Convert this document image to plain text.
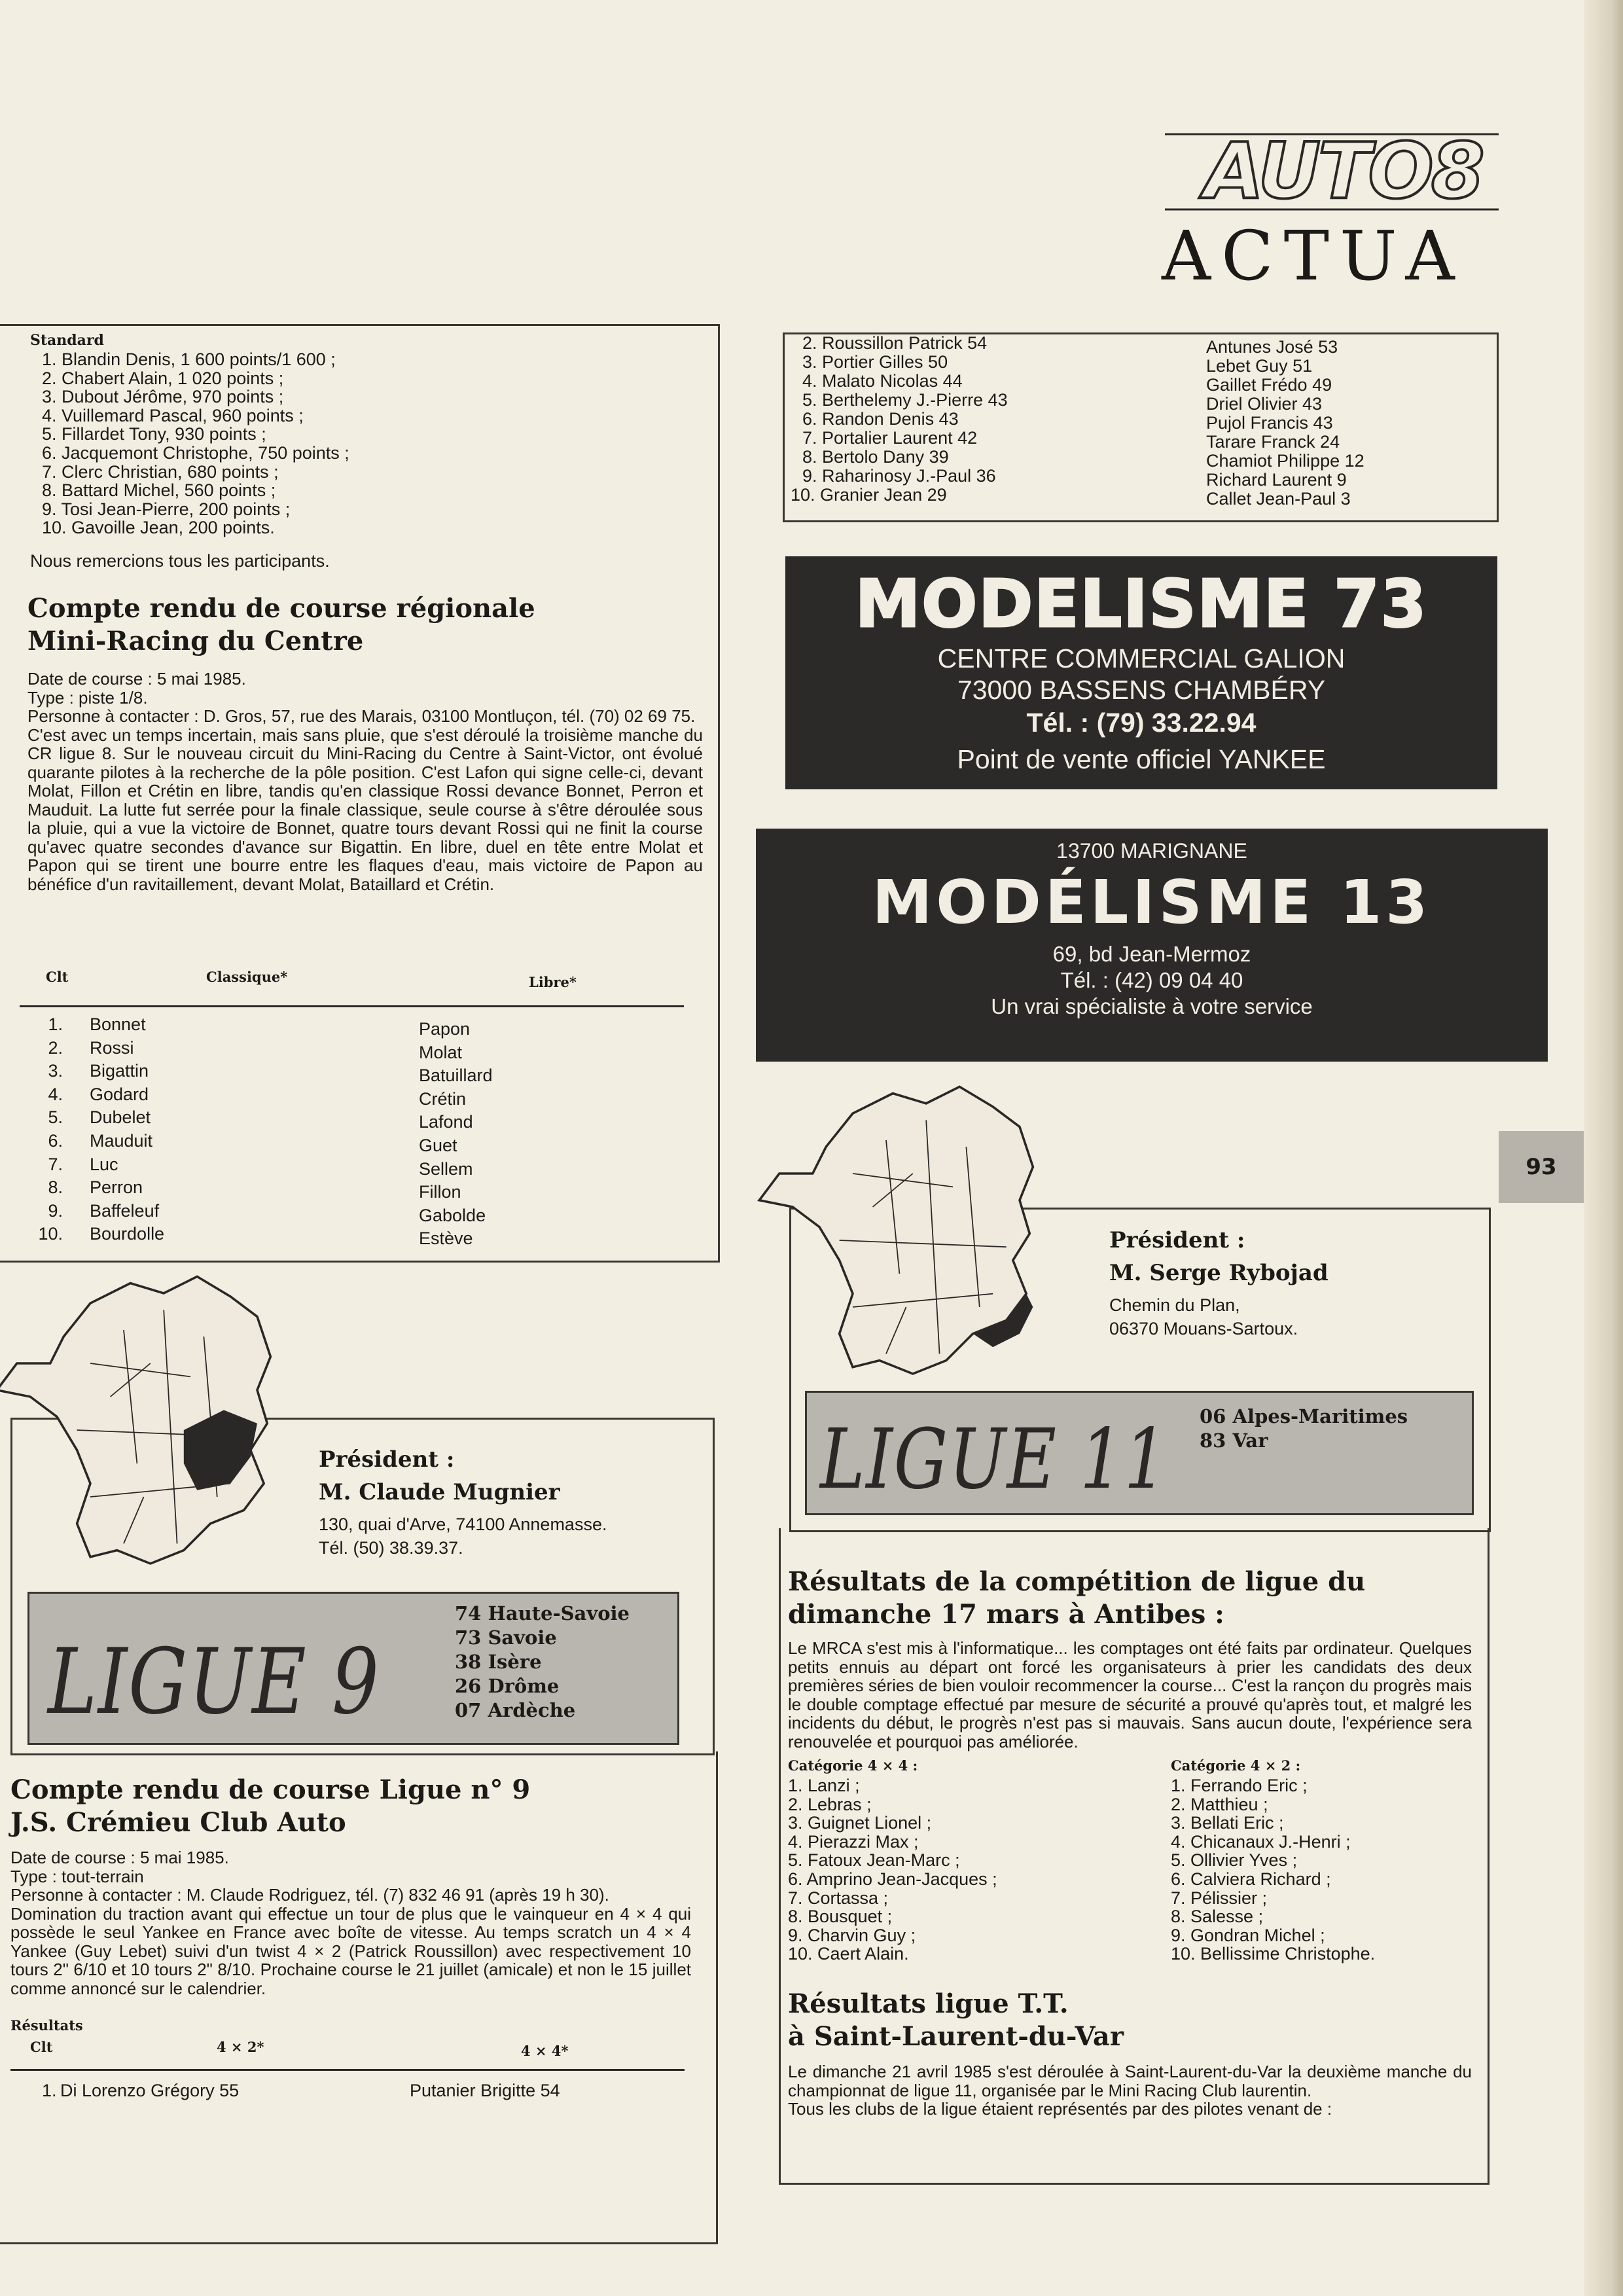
AUTO8
ACTUA
Standard
1. Blandin Denis, 1 600 points/1 600 ;
2. Chabert Alain, 1 020 points ;
3. Dubout Jérôme, 970 points ;
4. Vuillemard Pascal, 960 points ;
5. Fillardet Tony, 930 points ;
6. Jacquemont Christophe, 750 points ;
7. Clerc Christian, 680 points ;
8. Battard Michel, 560 points ;
9. Tosi Jean-Pierre, 200 points ;
10. Gavoille Jean, 200 points.
Nous remercions tous les participants.
Compte rendu de course régionale
Mini-Racing du Centre
Date de course : 5 mai 1985.
Type : piste 1/8.
Personne à contacter : D. Gros, 57, rue des Marais, 03100 Montluçon, tél. (70) 02 69 75.
C'est avec un temps incertain, mais sans pluie, que s'est déroulé la troisième manche du CR ligue 8. Sur le nouveau circuit du Mini-Racing du Centre à Saint-Victor, ont évolué quarante pilotes à la recherche de la pôle position. C'est Lafon qui signe celle-ci, devant Molat, Fillon et Crétin en libre, tandis qu'en classique Rossi devance Bonnet, Perron et Mauduit. La lutte fut serrée pour la finale classique, seule course à s'être déroulée sous la pluie, qui a vue la victoire de Bonnet, quatre tours devant Rossi qui ne finit la course qu'avec quatre secondes d'avance sur Bigattin. En libre, duel en tête entre Molat et Papon qui se tirent une bourre entre les flaques d'eau, mais victoire de Papon au bénéfice d'un ravitaillement, devant Molat, Bataillard et Crétin.
Clt	Classique*	Libre*
1. Bonnet	Papon
2. Rossi	Molat
3. Bigattin	Batuillard
4. Godard	Crétin
5. Dubelet	Lafond
6. Mauduit	Guet
7. Luc	Sellem
8. Perron	Fillon
9. Baffeleuf	Gabolde
10. Bourdolle	Estève
2. Roussillon Patrick 54
3. Portier Gilles 50
4. Malato Nicolas 44
5. Berthelemy J.-Pierre 43
6. Randon Denis 43
7. Portalier Laurent 42
8. Bertolo Dany 39
9. Raharinosy J.-Paul 36
10. Granier Jean 29
Antunes José 53
Lebet Guy 51
Gaillet Frédo 49
Driel Olivier 43
Pujol Francis 43
Tarare Franck 24
Chamiot Philippe 12
Richard Laurent 9
Callet Jean-Paul 3
MODELISME 73
CENTRE COMMERCIAL GALION
73000 BASSENS CHAMBÉRY
Tél. : (79) 33.22.94
Point de vente officiel YANKEE
13700 MARIGNANE
MODÉLISME 13
69, bd Jean-Mermoz
Tél. : (42) 09 04 40
Un vrai spécialiste à votre service
93
Président :
M. Serge Rybojad
Chemin du Plan,
06370 Mouans-Sartoux.
LIGUE 11 06 Alpes-Maritimes
83 Var
Président :
M. Claude Mugnier
130, quai d'Arve, 74100 Annemasse.
Tél. (50) 38.39.37.
LIGUE 9
74 Haute-Savoie
73 Savoie
38 Isère
26 Drôme
07 Ardèche
Compte rendu de course Ligue n° 9
J.S. Crémieu Club Auto
Date de course : 5 mai 1985.
Type : tout-terrain
Personne à contacter : M. Claude Rodriguez, tél. (7) 832 46 91 (après 19 h 30).
Domination du traction avant qui effectue un tour de plus que le vainqueur en 4 × 4 qui possède le seul Yankee en France avec boîte de vitesse. Au temps scratch un 4 × 4 Yankee (Guy Lebet) suivi d'un twist 4 × 2 (Patrick Roussillon) avec respectivement 10 tours 2" 6/10 et 10 tours 2" 8/10. Prochaine course le 21 juillet (amicale) et non le 15 juillet comme annoncé sur le calendrier.
Résultats
Clt	4 × 2*	4 × 4*
1. Di Lorenzo Grégory 55	Putanier Brigitte 54
Résultats de la compétition de ligue du
dimanche 17 mars à Antibes :
Le MRCA s'est mis à l'informatique... les comptages ont été faits par ordinateur. Quelques petits ennuis au départ ont forcé les organisateurs à prier les candidats des deux premières séries de bien vouloir recommencer la course... C'est la rançon du progrès mais le double comptage effectué par mesure de sécurité a prouvé qu'après tout, et malgré les incidents du début, le progrès n'est pas si mauvais. Sans aucun doute, l'expérience sera renouvelée et pourquoi pas améliorée.
Catégorie 4 × 4 :
1. Lanzi ;
2. Lebras ;
3. Guignet Lionel ;
4. Pierazzi Max ;
5. Fatoux Jean-Marc ;
6. Amprino Jean-Jacques ;
7. Cortassa ;
8. Bousquet ;
9. Charvin Guy ;
10. Caert Alain.
Catégorie 4 × 2 :
1. Ferrando Eric ;
2. Matthieu ;
3. Bellati Eric ;
4. Chicanaux J.-Henri ;
5. Ollivier Yves ;
6. Calviera Richard ;
7. Pélissier ;
8. Salesse ;
9. Gondran Michel ;
10. Bellissime Christophe.
Résultats ligue T.T.
à Saint-Laurent-du-Var
Le dimanche 21 avril 1985 s'est déroulée à Saint-Laurent-du-Var la deuxième manche du championnat de ligue 11, organisée par le Mini Racing Club laurentin.
Tous les clubs de la ligue étaient représentés par des pilotes venant de :
